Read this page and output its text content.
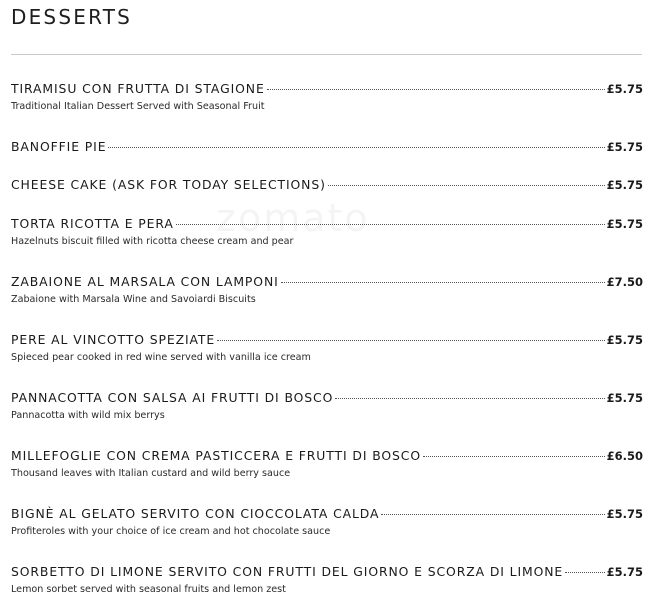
DESSERTS
TIRAMISU CON FRUTTA DI STAGIONE	£5.75
Traditional Italian Dessert Served with Seasonal Fruit
BANOFFIE PIE	£5.75
CHEESE CAKE (ASK FOR TODAY SELECTIONS)	£5.75
TORTA RICOTTA E PERA	£5.75
Hazelnuts biscuit filled with ricotta cheese cream and pear
ZABAIONE AL MARSALA CON LAMPONI	£7.50
Zabaione with Marsala Wine and Savoiardi Biscuits
PERE AL VINCOTTO SPEZIATE	£5.75
Spieced pear cooked in red wine served with vanilla ice cream
PANNACOTTA CON SALSA AI FRUTTI DI BOSCO	£5.75
Pannacotta with wild mix berrys
MILLEFOGLIE CON CREMA PASTICCERA E FRUTTI DI BOSCO	£6.50
Thousand leaves with Italian custard and wild berry sauce
BIGNÈ AL GELATO SERVITO CON CIOCCOLATA CALDA	£5.75
Profiteroles with your choice of ice cream and hot chocolate sauce
SORBETTO DI LIMONE SERVITO CON FRUTTI DEL GIORNO E SCORZA DI LIMONE	£5.75
Lemon sorbet served with seasonal fruits and lemon zest
